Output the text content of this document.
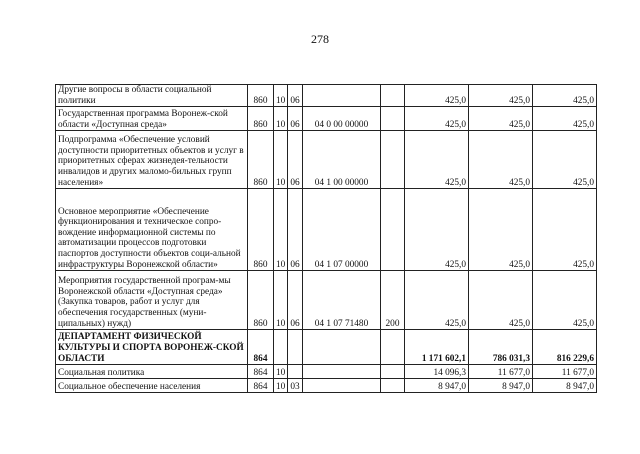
278
Другие вопросы в области социальной политики	860	10	06			425,0	425,0	425,0
Государственная программа Воронеж-ской области «Доступная среда»	860	10	06	04 0 00 00000		425,0	425,0	425,0
Подпрограмма «Обеспечение условий доступности приоритетных объектов и услуг в приоритетных сферах жизнедея-тельности инвалидов и других маломо-бильных групп населения»	860	10	06	04 1 00 00000		425,0	425,0	425,0
Основное мероприятие «Обеспечение функционирования и техническое сопро-вождение информационной системы по автоматизации процессов подготовки паспортов доступности объектов соци-альной инфраструктуры Воронежской области»	860	10	06	04 1 07 00000		425,0	425,0	425,0
Мероприятия государственной програм-мы Воронежской области «Доступная среда» (Закупка товаров, работ и услуг для обеспечения государственных (муни-ципальных) нужд)	860	10	06	04 1 07 71480	200	425,0	425,0	425,0
ДЕПАРТАМЕНТ ФИЗИЧЕСКОЙ КУЛЬТУРЫ И СПОРТА ВОРОНЕЖ-СКОЙ ОБЛАСТИ	864					1 171 602,1	786 031,3	816 229,6
Социальная политика	864	10				14 096,3	11 677,0	11 677,0
Социальное обеспечение населения	864	10	03			8 947,0	8 947,0	8 947,0
